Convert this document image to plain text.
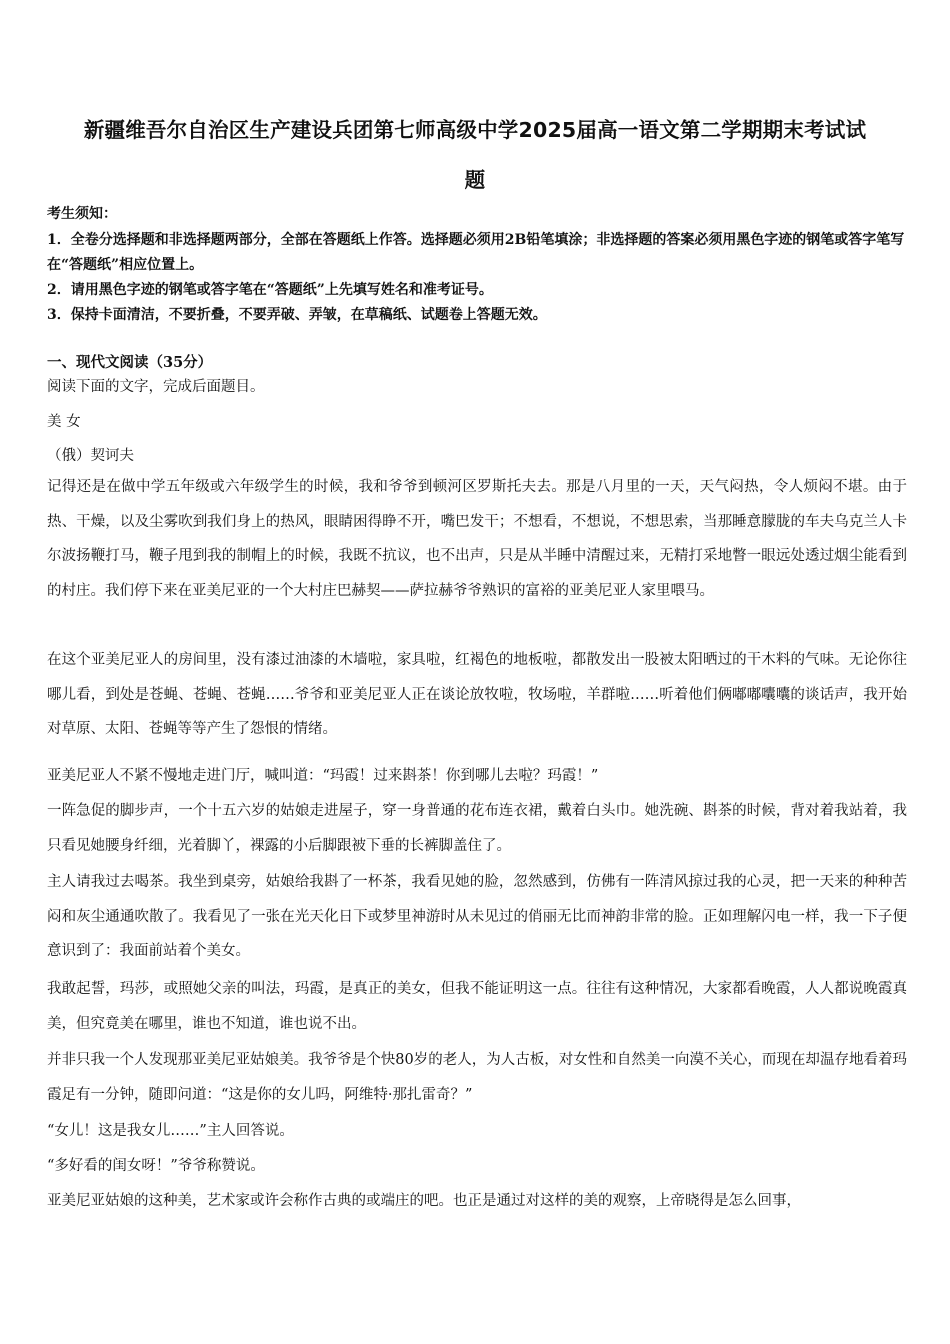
新疆维吾尔自治区生产建设兵团第七师高级中学2025届高一语文第二学期期末考试试
题
考生须知：
1．全卷分选择题和非选择题两部分，全部在答题纸上作答。选择题必须用2B铅笔填涂；非选择题的答案必须用黑色字迹的钢笔或答字笔写在“答题纸”相应位置上。
2．请用黑色字迹的钢笔或答字笔在“答题纸”上先填写姓名和准考证号。
3．保持卡面清洁，不要折叠，不要弄破、弄皱，在草稿纸、试题卷上答题无效。
一、现代文阅读（35分）
阅读下面的文字，完成后面题目。
美 女
（俄）契诃夫
记得还是在做中学五年级或六年级学生的时候，我和爷爷到顿河区罗斯托夫去。那是八月里的一天，天气闷热，令人烦闷不堪。由于热、干燥，以及尘雾吹到我们身上的热风，眼睛困得睁不开，嘴巴发干；不想看，不想说，不想思索，当那睡意朦胧的车夫乌克兰人卡尔波扬鞭打马，鞭子甩到我的制帽上的时候，我既不抗议，也不出声，只是从半睡中清醒过来，无精打采地瞥一眼远处透过烟尘能看到的村庄。我们停下来在亚美尼亚的一个大村庄巴赫契——萨拉赫爷爷熟识的富裕的亚美尼亚人家里喂马。
在这个亚美尼亚人的房间里，没有漆过油漆的木墙啦，家具啦，红褐色的地板啦，都散发出一股被太阳晒过的干木料的气味。无论你往哪儿看，到处是苍蝇、苍蝇、苍蝇……爷爷和亚美尼亚人正在谈论放牧啦，牧场啦，羊群啦……听着他们俩嘟嘟囔囔的谈话声，我开始对草原、太阳、苍蝇等等产生了怨恨的情绪。
亚美尼亚人不紧不慢地走进门厅，喊叫道：“玛霞！过来斟茶！你到哪儿去啦？玛霞！”
一阵急促的脚步声，一个十五六岁的姑娘走进屋子，穿一身普通的花布连衣裙，戴着白头巾。她洗碗、斟茶的时候，背对着我站着，我只看见她腰身纤细，光着脚丫，裸露的小后脚跟被下垂的长裤脚盖住了。
主人请我过去喝茶。我坐到桌旁，姑娘给我斟了一杯茶，我看见她的脸，忽然感到，仿佛有一阵清风掠过我的心灵，把一天来的种种苦闷和灰尘通通吹散了。我看见了一张在光天化日下或梦里神游时从未见过的俏丽无比而神韵非常的脸。正如理解闪电一样，我一下子便意识到了：我面前站着个美女。
我敢起誓，玛莎，或照她父亲的叫法，玛霞，是真正的美女，但我不能证明这一点。往往有这种情况，大家都看晚霞，人人都说晚霞真美，但究竟美在哪里，谁也不知道，谁也说不出。
并非只我一个人发现那亚美尼亚姑娘美。我爷爷是个快80岁的老人，为人古板，对女性和自然美一向漠不关心，而现在却温存地看着玛霞足有一分钟，随即问道：“这是你的女儿吗，阿维特·那扎雷奇？”
“女儿！这是我女儿……”主人回答说。
“多好看的闺女呀！”爷爷称赞说。
亚美尼亚姑娘的这种美，艺术家或许会称作古典的或端庄的吧。也正是通过对这样的美的观察，上帝晓得是怎么回事，
